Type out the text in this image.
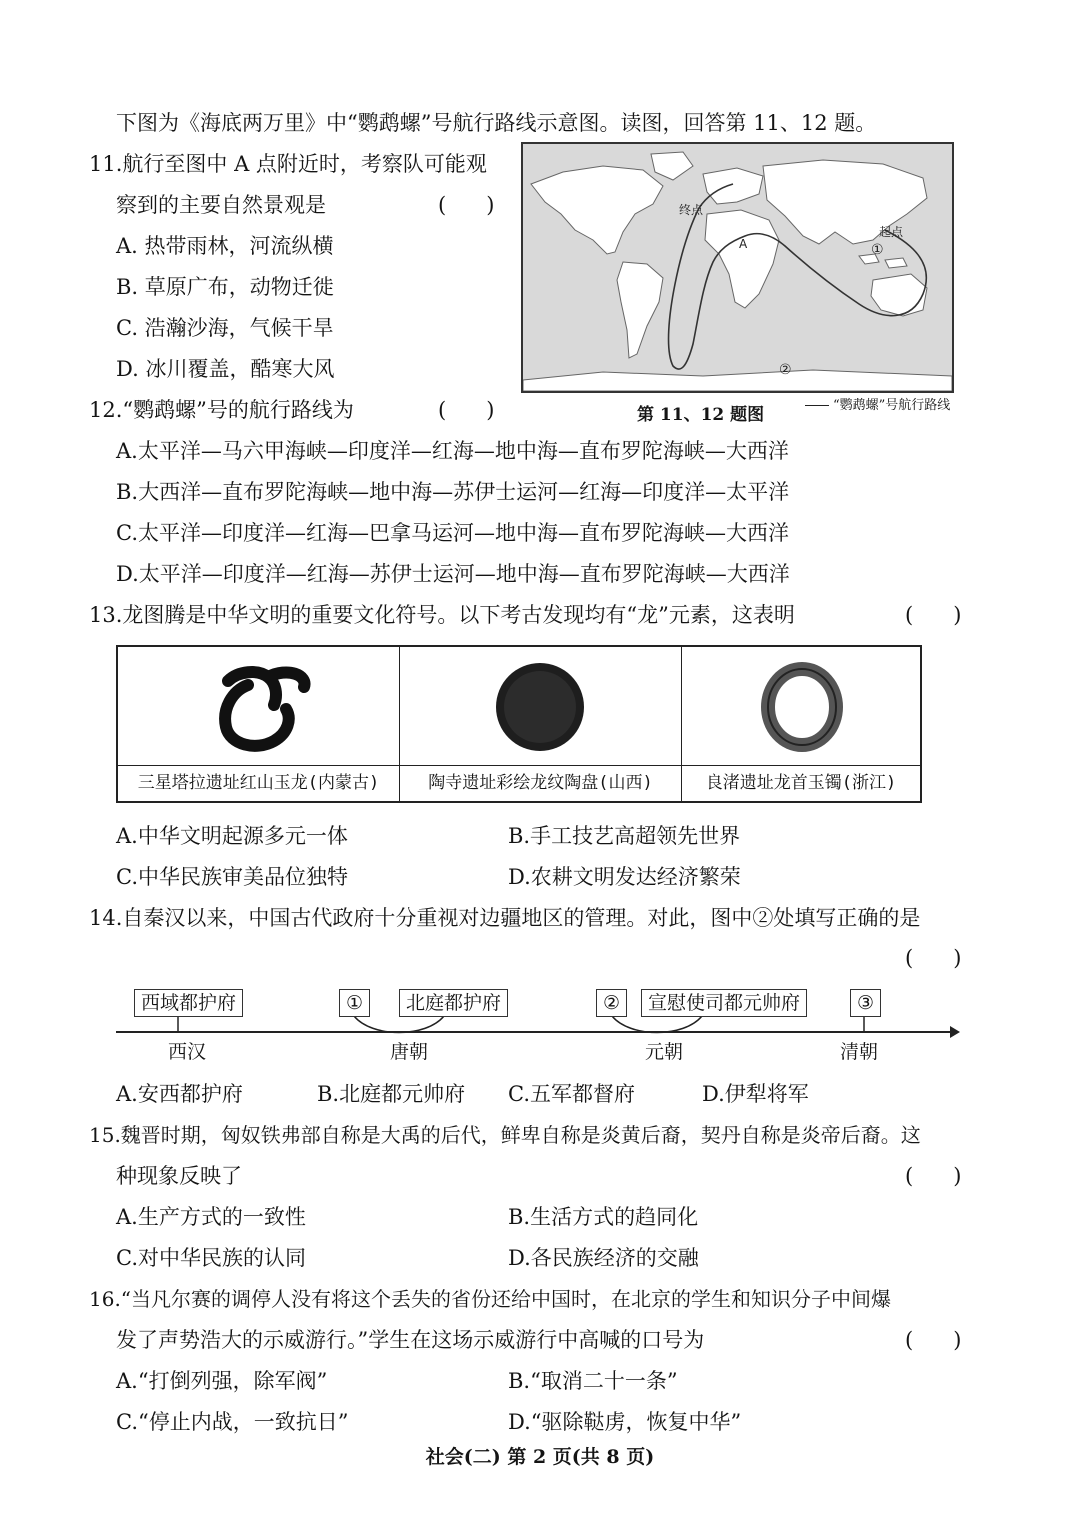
下图为《海底两万里》中“鹦鹉螺”号航行路线示意图。读图，回答第 11、12 题。
11.航行至图中 A 点附近时，考察队可能观
察到的主要自然景观是	(      )
A. 热带雨林，河流纵横
B. 草原广布，动物迁徙
C. 浩瀚沙海，气候干旱
D. 冰川覆盖，酷寒大风
终点
起点
A	①
②
第 11、12 题图	“鹦鹉螺”号航行路线
12.“鹦鹉螺”号的航行路线为	(      )
A.太平洋—马六甲海峡—印度洋—红海—地中海—直布罗陀海峡—大西洋
B.大西洋—直布罗陀海峡—地中海—苏伊士运河—红海—印度洋—太平洋
C.太平洋—印度洋—红海—巴拿马运河—地中海—直布罗陀海峡—大西洋
D.太平洋—印度洋—红海—苏伊士运河—地中海—直布罗陀海峡—大西洋
13.龙图腾是中华文明的重要文化符号。以下考古发现均有“龙”元素，这表明	(      )
三星塔拉遗址红山玉龙(内蒙古)	陶寺遗址彩绘龙纹陶盘(山西)	良渚遗址龙首玉镯(浙江)
A.中华文明起源多元一体	B.手工技艺高超领先世界
C.中华民族审美品位独特	D.农耕文明发达经济繁荣
14.自秦汉以来，中国古代政府十分重视对边疆地区的管理。对此，图中②处填写正确的是
(      )
西域都护府	①	北庭都护府	②	宣慰使司都元帅府	③
西汉	唐朝	元朝	清朝
A.安西都护府	B.北庭都元帅府 C.五军都督府	D.伊犁将军
15.魏晋时期，匈奴铁弗部自称是大禹的后代，鲜卑自称是炎黄后裔，契丹自称是炎帝后裔。这
种现象反映了	(      )
A.生产方式的一致性	B.生活方式的趋同化
C.对中华民族的认同	D.各民族经济的交融
16.“当凡尔赛的调停人没有将这个丢失的省份还给中国时，在北京的学生和知识分子中间爆
发了声势浩大的示威游行。”学生在这场示威游行中高喊的口号为	(      )
A.“打倒列强，除军阀”	B.“取消二十一条”
C.“停止内战，一致抗日”	D.“驱除鞑虏，恢复中华”
社会(二) 第 2 页(共 8 页)
